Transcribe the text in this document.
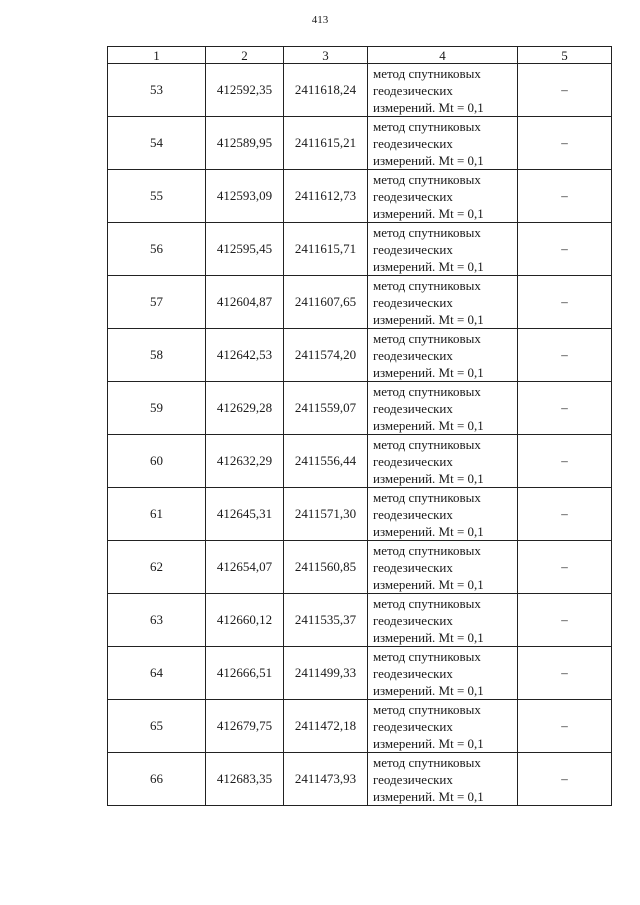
413
1	2	3	4	5
53	412592,35	2411618,24	метод спутниковых
геодезических
измерений. Mt = 0,1	–
54	412589,95	2411615,21	метод спутниковых
геодезических
измерений. Mt = 0,1	–
55	412593,09	2411612,73	метод спутниковых
геодезических
измерений. Mt = 0,1	–
56	412595,45	2411615,71	метод спутниковых
геодезических
измерений. Mt = 0,1	–
57	412604,87	2411607,65	метод спутниковых
геодезических
измерений. Mt = 0,1	–
58	412642,53	2411574,20	метод спутниковых
геодезических
измерений. Mt = 0,1	–
59	412629,28	2411559,07	метод спутниковых
геодезических
измерений. Mt = 0,1	–
60	412632,29	2411556,44	метод спутниковых
геодезических
измерений. Mt = 0,1	–
61	412645,31	2411571,30	метод спутниковых
геодезических
измерений. Mt = 0,1	–
62	412654,07	2411560,85	метод спутниковых
геодезических
измерений. Mt = 0,1	–
63	412660,12	2411535,37	метод спутниковых
геодезических
измерений. Mt = 0,1	–
64	412666,51	2411499,33	метод спутниковых
геодезических
измерений. Mt = 0,1	–
65	412679,75	2411472,18	метод спутниковых
геодезических
измерений. Mt = 0,1	–
66	412683,35	2411473,93	метод спутниковых
геодезических
измерений. Mt = 0,1	–
